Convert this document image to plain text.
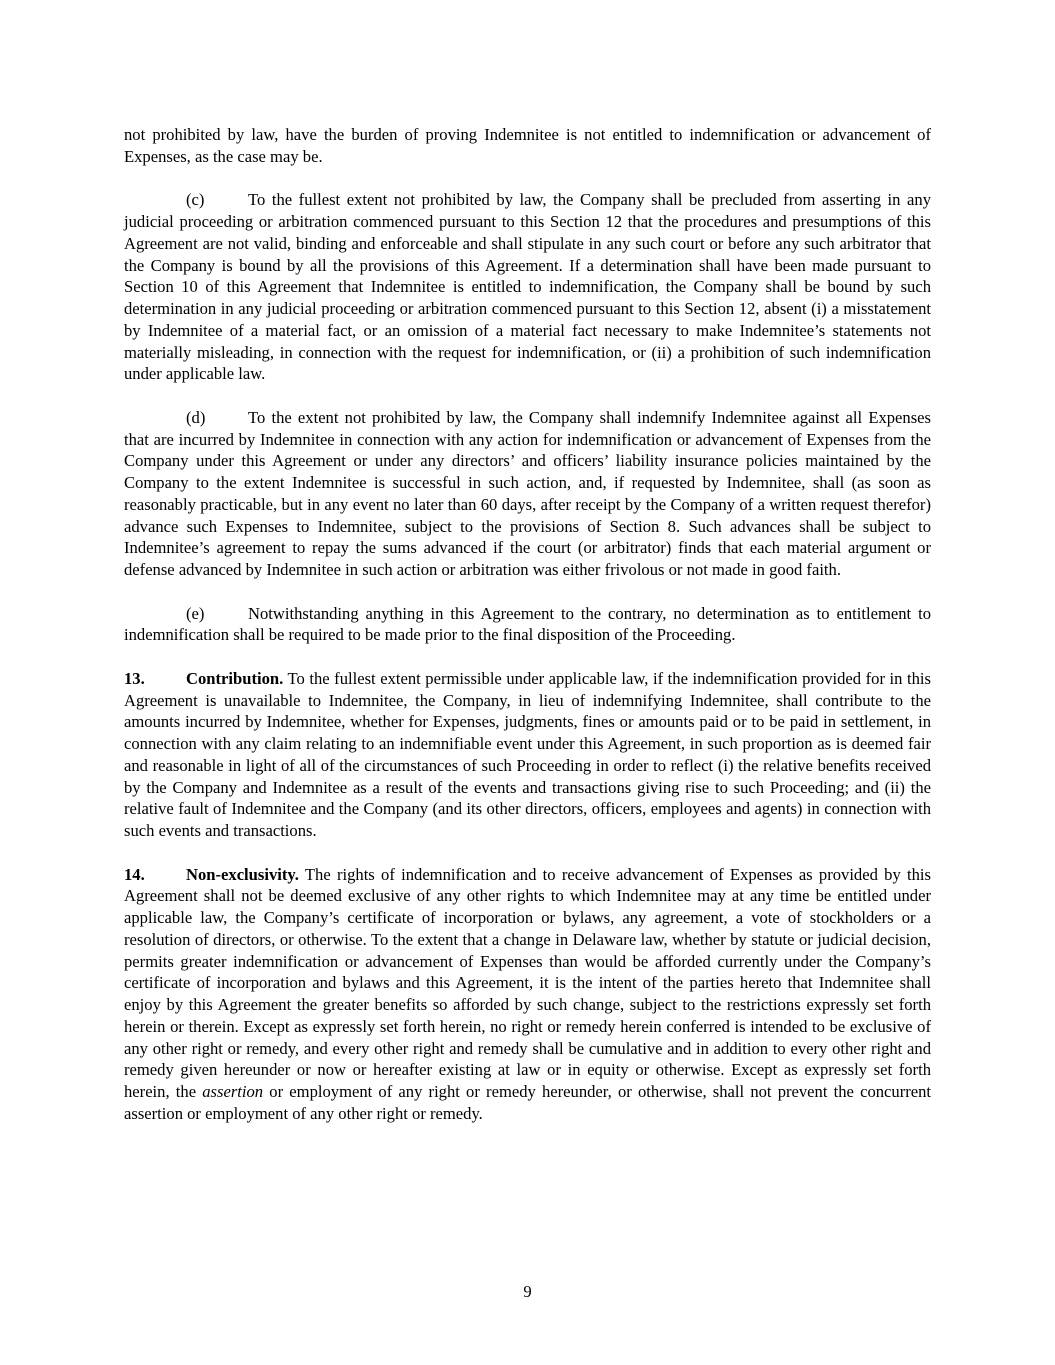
not prohibited by law, have the burden of proving Indemnitee is not entitled to indemnification or advancement of Expenses, as the case may be.

(c)	To the fullest extent not prohibited by law, the Company shall be precluded from asserting in any judicial proceeding or arbitration commenced pursuant to this Section 12 that the procedures and presumptions of this Agreement are not valid, binding and enforceable and shall stipulate in any such court or before any such arbitrator that the Company is bound by all the provisions of this Agreement. If a determination shall have been made pursuant to Section 10 of this Agreement that Indemnitee is entitled to indemnification, the Company shall be bound by such determination in any judicial proceeding or arbitration commenced pursuant to this Section 12, absent (i) a misstatement by Indemnitee of a material fact, or an omission of a material fact necessary to make Indemnitee’s statements not materially misleading, in connection with the request for indemnification, or (ii) a prohibition of such indemnification under applicable law.

(d)	To the extent not prohibited by law, the Company shall indemnify Indemnitee against all Expenses that are incurred by Indemnitee in connection with any action for indemnification or advancement of Expenses from the Company under this Agreement or under any directors’ and officers’ liability insurance policies maintained by the Company to the extent Indemnitee is successful in such action, and, if requested by Indemnitee, shall (as soon as reasonably practicable, but in any event no later than 60 days, after receipt by the Company of a written request therefor) advance such Expenses to Indemnitee, subject to the provisions of Section 8. Such advances shall be subject to Indemnitee’s agreement to repay the sums advanced if the court (or arbitrator) finds that each material argument or defense advanced by Indemnitee in such action or arbitration was either frivolous or not made in good faith.

(e)	Notwithstanding anything in this Agreement to the contrary, no determination as to entitlement to indemnification shall be required to be made prior to the final disposition of the Proceeding.

13. Contribution. To the fullest extent permissible under applicable law, if the indemnification provided for in this Agreement is unavailable to Indemnitee, the Company, in lieu of indemnifying Indemnitee, shall contribute to the amounts incurred by Indemnitee, whether for Expenses, judgments, fines or amounts paid or to be paid in settlement, in connection with any claim relating to an indemnifiable event under this Agreement, in such proportion as is deemed fair and reasonable in light of all of the circumstances of such Proceeding in order to reflect (i) the relative benefits received by the Company and Indemnitee as a result of the events and transactions giving rise to such Proceeding; and (ii) the relative fault of Indemnitee and the Company (and its other directors, officers, employees and agents) in connection with such events and transactions.

14. Non-exclusivity. The rights of indemnification and to receive advancement of Expenses as provided by this Agreement shall not be deemed exclusive of any other rights to which Indemnitee may at any time be entitled under applicable law, the Company’s certificate of incorporation or bylaws, any agreement, a vote of stockholders or a resolution of directors, or otherwise. To the extent that a change in Delaware law, whether by statute or judicial decision, permits greater indemnification or advancement of Expenses than would be afforded currently under the Company’s certificate of incorporation and bylaws and this Agreement, it is the intent of the parties hereto that Indemnitee shall enjoy by this Agreement the greater benefits so afforded by such change, subject to the restrictions expressly set forth herein or therein. Except as expressly set forth herein, no right or remedy herein conferred is intended to be exclusive of any other right or remedy, and every other right and remedy shall be cumulative and in addition to every other right and remedy given hereunder or now or hereafter existing at law or in equity or otherwise. Except as expressly set forth herein, the assertion or employment of any right or remedy hereunder, or otherwise, shall not prevent the concurrent assertion or employment of any other right or remedy.

9
